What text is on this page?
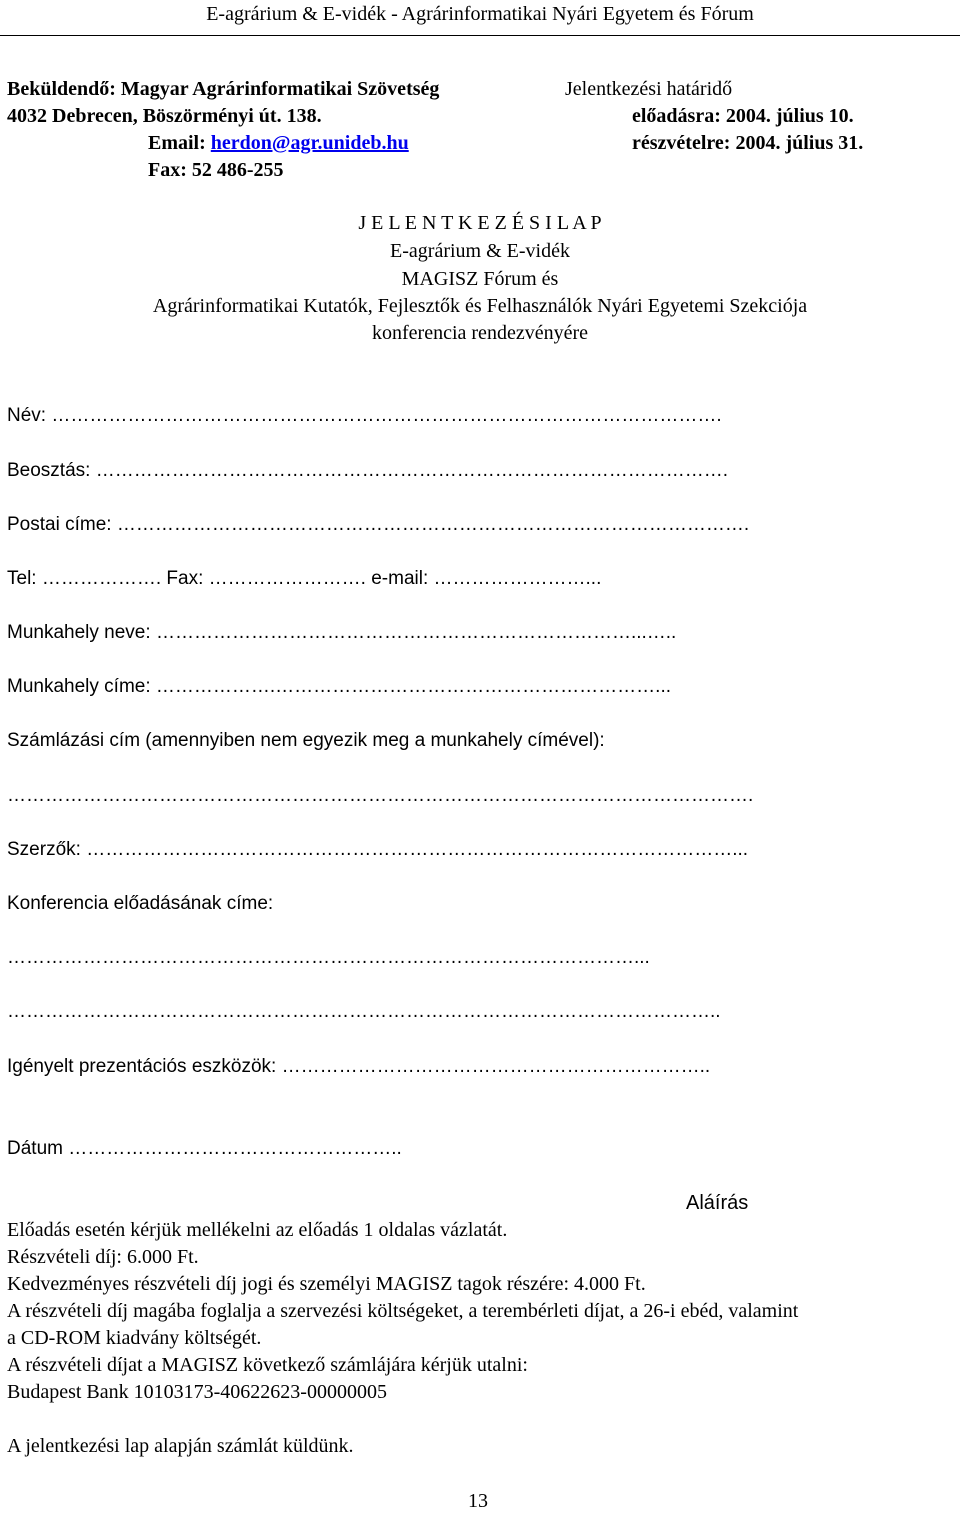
E-agrárium & E-vidék - Agrárinformatikai Nyári Egyetem és Fórum
Beküldendő: Magyar Agrárinformatikai Szövetség
4032 Debrecen, Böszörményi út. 138.
Email: herdon@agr.unideb.hu
Fax: 52 486-255
Jelentkezési határidő
előadásra: 2004. július 10.
részvételre: 2004. július 31.
J E L E N T K E Z É S I L A P
E-agrárium & E-vidék
MAGISZ Fórum és
Agrárinformatikai Kutatók, Fejlesztők és Felhasználók Nyári Egyetemi Szekciója
konferencia rendezvényére
Név: …………………………………………………………………………………………….
Beosztás: ……………………………………………………………………………………….
Postai címe: ……………………………………………………………………………………….
Tel: ………………. Fax: ……………………. e-mail: ……………………...
Munkahely neve: …………………………………………………………………...…..
Munkahely címe: ……………….……………………………………………………...
Számlázási cím (amennyiben nem egyezik meg a munkahely címével):
……………………………………………………………………………………………………….
Szerzők: …………………………………………………………………………………………...
Konferencia előadásának címe:
………………………………………………………………………………………...
…………………………………………………………………………………………………..
Igényelt prezentációs eszközök: …………………………………………………………..
Dátum ……………………………………………..
Aláírás
Előadás esetén kérjük mellékelni az előadás 1 oldalas vázlatát.
Részvételi díj: 6.000 Ft.
Kedvezményes részvételi díj jogi és személyi MAGISZ tagok részére: 4.000 Ft.
A részvételi díj magába foglalja a szervezési költségeket, a terembérleti díjat, a 26-i ebéd, valamint
a CD-ROM kiadvány költségét.
A részvételi díjat a MAGISZ következő számlájára kérjük utalni:
Budapest Bank 10103173-40622623-00000005
A jelentkezési lap alapján számlát küldünk.
13
